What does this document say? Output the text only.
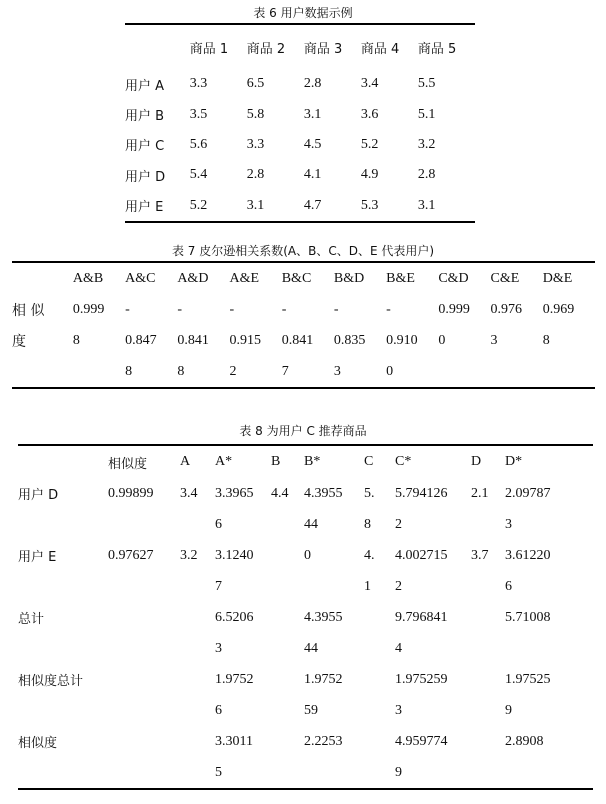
表 6 用户数据示例
	商品 1	商品 2	商品 3	商品 4	商品 5
用户 A	3.3	6.5	2.8	3.4	5.5
用户 B	3.5	5.8	3.1	3.6	5.1
用户 C	5.6	3.3	4.5	5.2	3.2
用户 D	5.4	2.8	4.1	4.9	2.8
用户 E	5.2	3.1	4.7	5.3	3.1
表 7 皮尔逊相关系数(A、B、C、D、E 代表用户)
	A&B	A&C	A&D	A&E	B&C	B&D	B&E	C&D	C&E	D&E
相 似	0.999	-	-	-	-	-	-	0.999	0.976	0.969
度	8	0.847	0.841	0.915	0.841	0.835	0.910	0	3	8
		8	8	2	7	3	0			
表 8 为用户 C 推荐商品
	相似度	A	A*	B	B*	C	C*	D	D*
用户 D	0.99899	3.4	3.3965	4.4	4.3955	5.	5.794126	2.1	2.09787
			6		44	8	2		3
用户 E	0.97627	3.2	3.1240		0	4.	4.002715	3.7	3.61220
			7			1	2		6
总计			6.5206		4.3955		9.796841		5.71008
			3		44		4		
相似度总计			1.9752		1.9752		1.975259		1.97525
			6		59		3		9
相似度			3.3011		2.2253		4.959774		2.8908
			5				9		
